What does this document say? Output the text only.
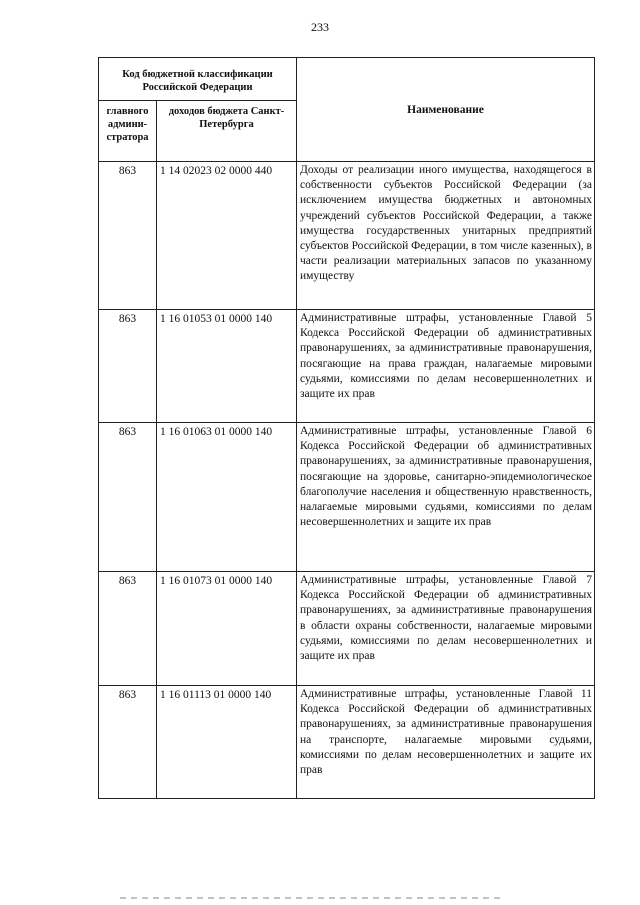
233
Код бюджетной классификации Российской Федерации		Наименование
главного админи-стратора	доходов бюджета Санкт-Петербурга	
863	1 14 02023 02 0000 440	Доходы от реализации иного имущества, находящегося в собственности субъектов Российской Федерации (за исключением имущества бюджетных и автономных учреждений субъектов Российской Федерации, а также имущества государственных унитарных предприятий субъектов Российской Федерации, в том числе казенных), в части реализации материальных запасов по указанному имуществу
863	1 16 01053 01 0000 140	Административные штрафы, установленные Главой 5 Кодекса Российской Федерации об административных правонарушениях, за административные правонарушения, посягающие на права граждан, налагаемые мировыми судьями, комиссиями по делам несовершеннолетних и защите их прав
863	1 16 01063 01 0000 140	Административные штрафы, установленные Главой 6 Кодекса Российской Федерации об административных правонарушениях, за административные правонарушения, посягающие на здоровье, санитарно-эпидемиологическое благополучие населения и общественную нравственность, налагаемые мировыми судьями, комиссиями по делам несовершеннолетних и защите их прав
863	1 16 01073 01 0000 140	Административные штрафы, установленные Главой 7 Кодекса Российской Федерации об административных правонарушениях, за административные правонарушения в области охраны собственности, налагаемые мировыми судьями, комиссиями по делам несовершеннолетних и защите их прав
863	1 16 01113 01 0000 140	Административные штрафы, установленные Главой 11 Кодекса Российской Федерации об административных правонарушениях, за административные правонарушения на транспорте, налагаемые мировыми судьями, комиссиями по делам несовершеннолетних и защите их прав
